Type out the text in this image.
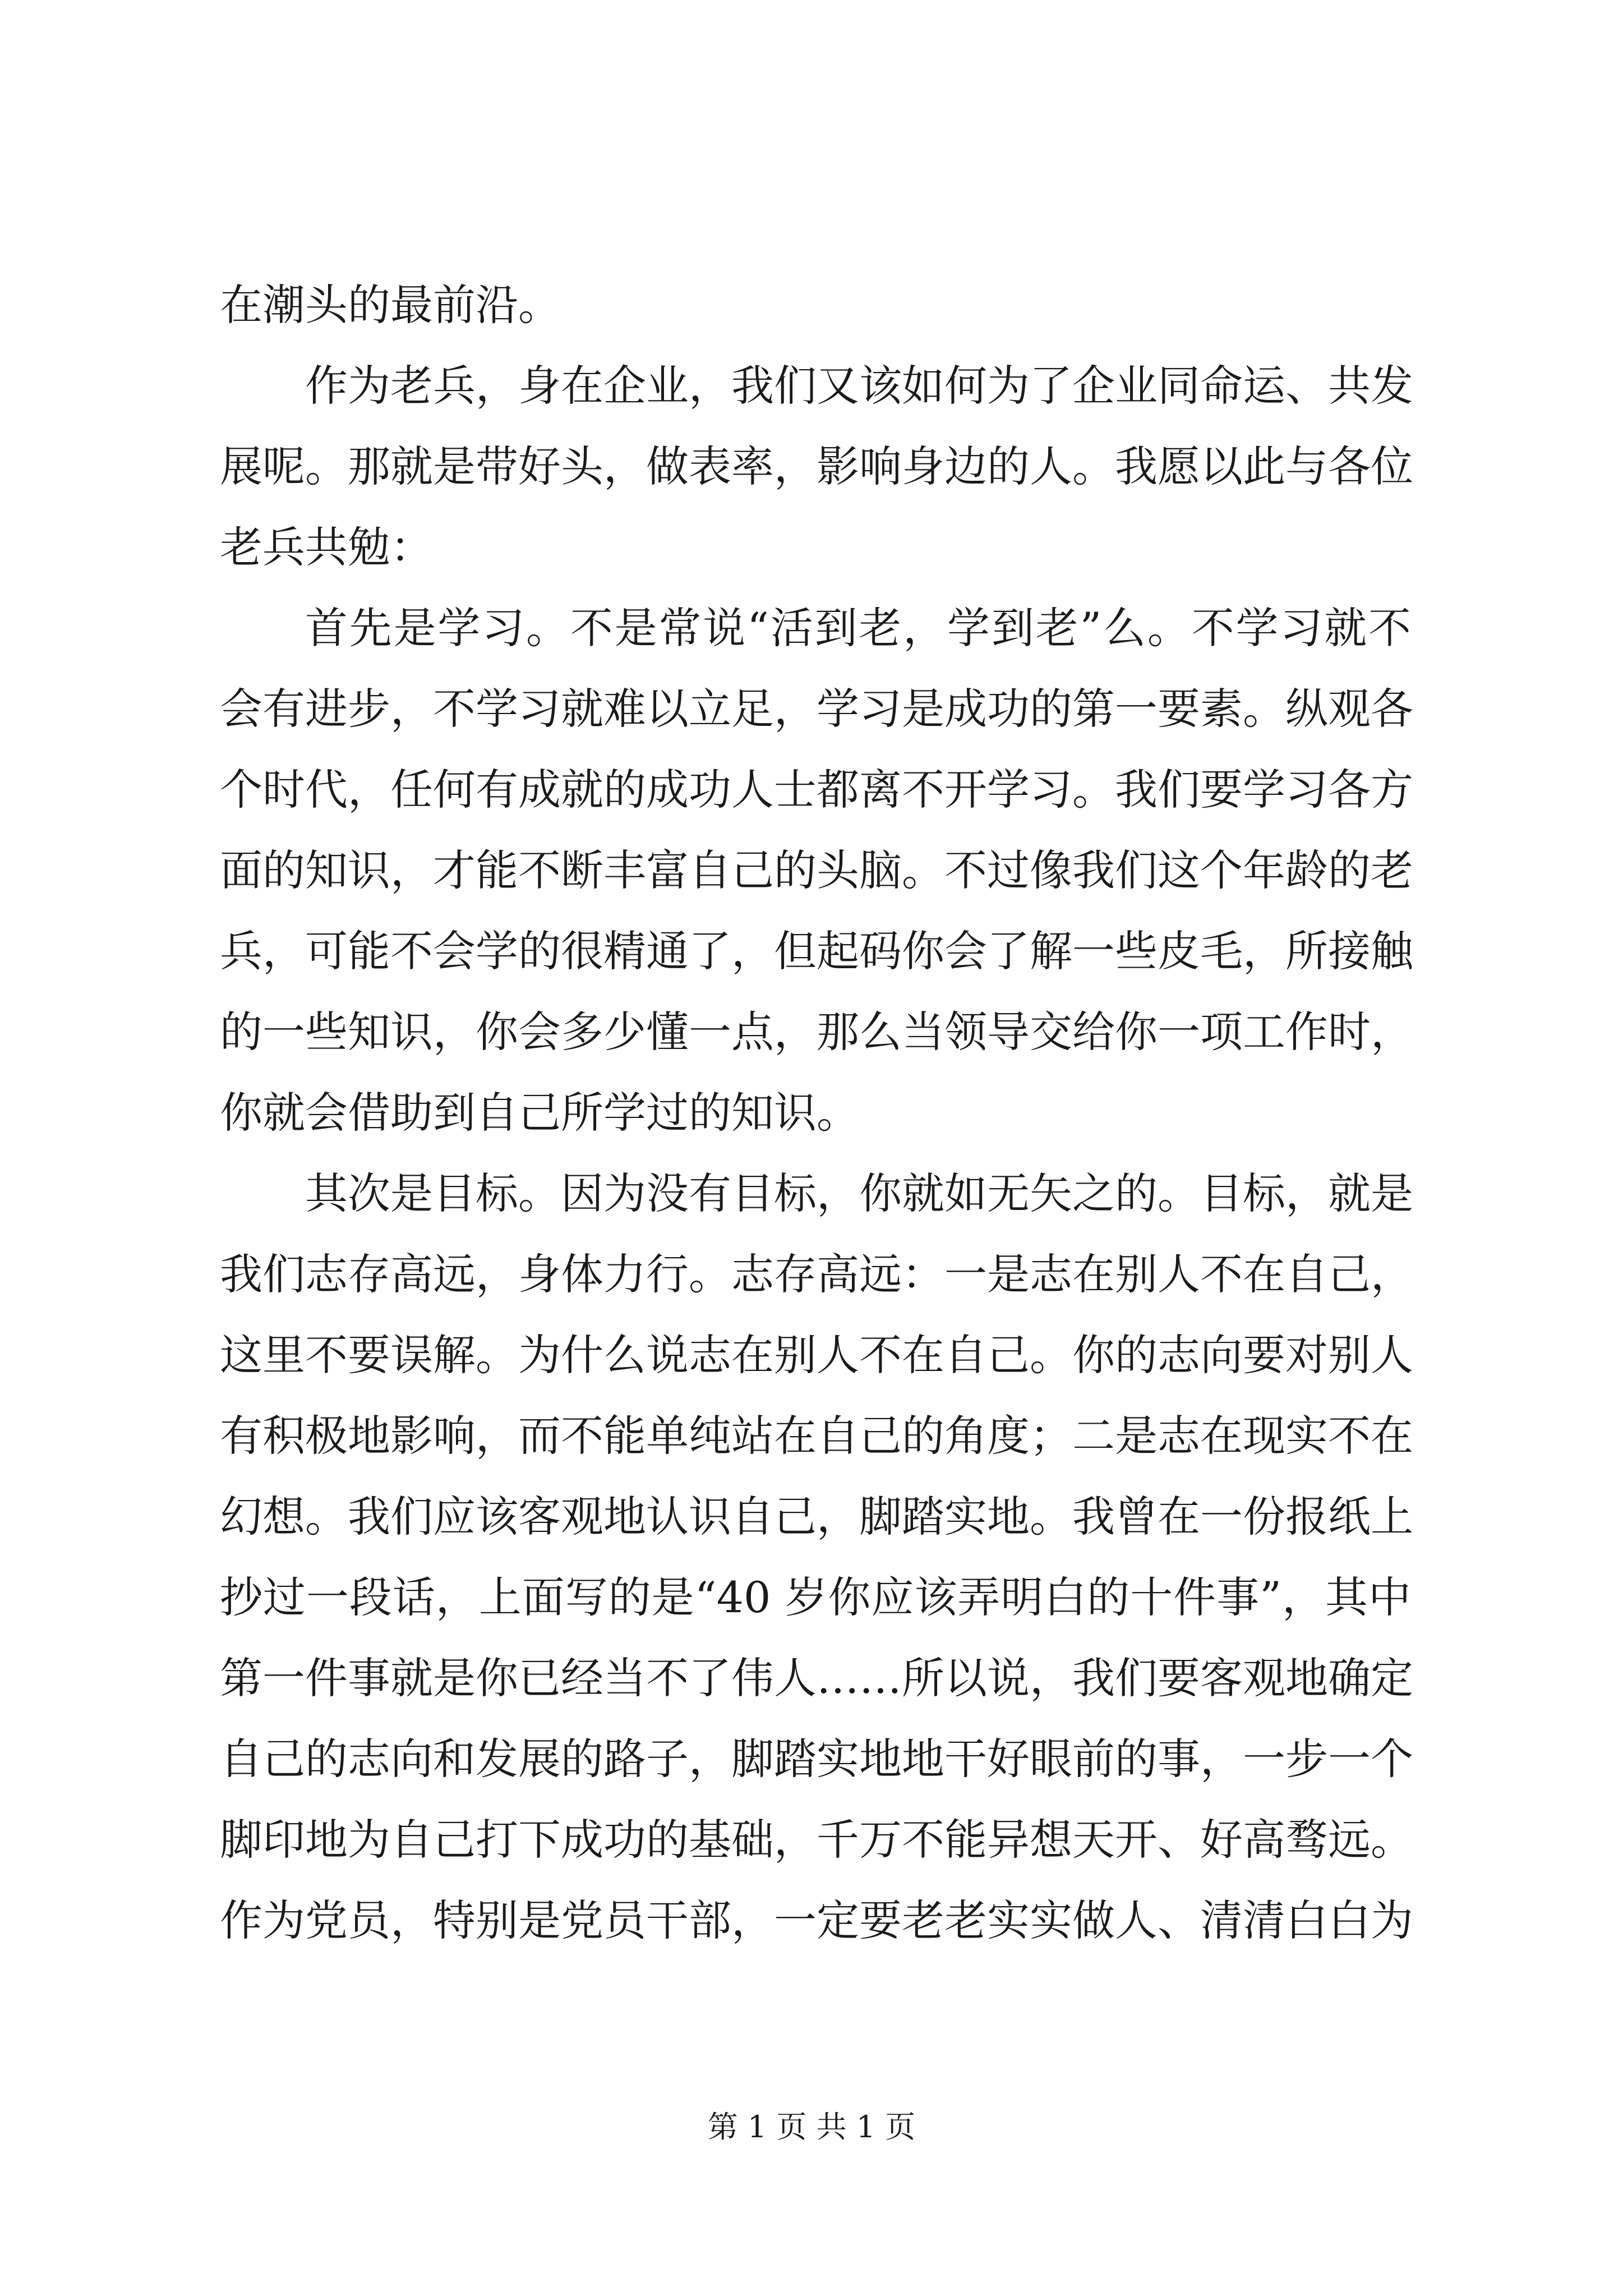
在潮头的最前沿。
作为老兵，身在企业，我们又该如何为了企业同命运、共发
展呢。那就是带好头，做表率，影响身边的人。我愿以此与各位
老兵共勉：
首先是学习。不是常说“活到老，学到老”么。不学习就不
会有进步，不学习就难以立足，学习是成功的第一要素。纵观各
个时代，任何有成就的成功人士都离不开学习。我们要学习各方
面的知识，才能不断丰富自己的头脑。不过像我们这个年龄的老
兵，可能不会学的很精通了，但起码你会了解一些皮毛，所接触
的一些知识，你会多少懂一点，那么当领导交给你一项工作时，
你就会借助到自己所学过的知识。
其次是目标。因为没有目标，你就如无矢之的。目标，就是
我们志存高远，身体力行。志存高远：一是志在别人不在自己，
这里不要误解。为什么说志在别人不在自己。你的志向要对别人
有积极地影响，而不能单纯站在自己的角度；二是志在现实不在
幻想。我们应该客观地认识自己，脚踏实地。我曾在一份报纸上
抄过一段话，上面写的是“40 岁你应该弄明白的十件事”，其中
第一件事就是你已经当不了伟人……所以说，我们要客观地确定
自己的志向和发展的路子，脚踏实地地干好眼前的事，一步一个
脚印地为自己打下成功的基础，千万不能异想天开、好高骛远。
作为党员，特别是党员干部，一定要老老实实做人、清清白白为
第 1 页 共 1 页
